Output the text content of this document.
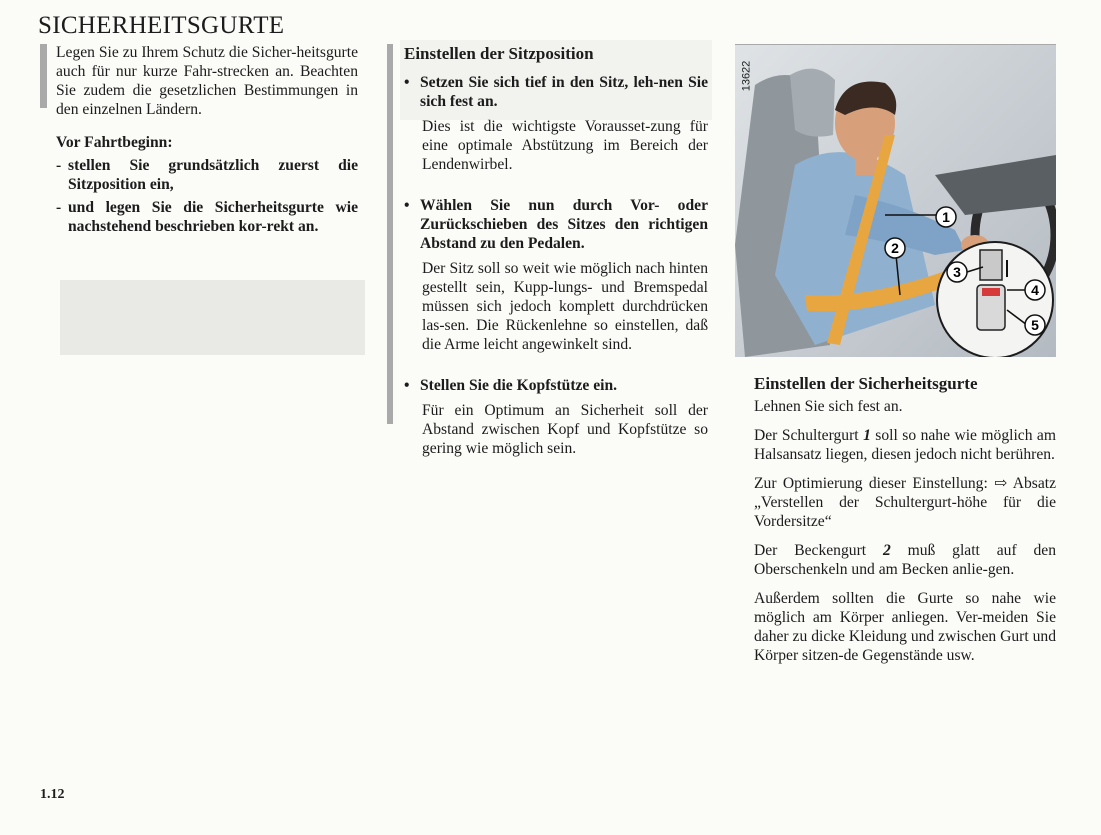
SICHERHEITSGURTE

Legen Sie zu Ihrem Schutz die Sicher-heitsgurte auch für nur kurze Fahr-strecken an. Beachten Sie zudem die gesetzlichen Bestimmungen in den einzelnen Ländern.

Vor Fahrtbeginn:

- stellen Sie grundsätzlich zuerst die Sitzposition ein,
- und legen Sie die Sicherheitsgurte wie nachstehend beschrieben kor-rekt an.

Einstellen der Sitzposition

• Setzen Sie sich tief in den Sitz, leh-nen Sie sich fest an.

Dies ist die wichtigste Vorausset-zung für eine optimale Abstützung im Bereich der Lendenwirbel.

• Wählen Sie nun durch Vor- oder Zurückschieben des Sitzes den richtigen Abstand zu den Pedalen.

Der Sitz soll so weit wie möglich nach hinten gestellt sein, Kupp-lungs- und Bremspedal müssen sich jedoch komplett durchdrücken las-sen. Die Rückenlehne so einstellen, daß die Arme leicht angewinkelt sind.

• Stellen Sie die Kopfstütze ein.

Für ein Optimum an Sicherheit soll der Abstand zwischen Kopf und Kopfstütze so gering wie möglich sein.

1
2
3
4
5
13622

Einstellen der Sicherheitsgurte

Lehnen Sie sich fest an.

Der Schultergurt 1 soll so nahe wie möglich am Halsansatz liegen, diesen jedoch nicht berühren.

Zur Optimierung dieser Einstellung: ⇨ Absatz „Verstellen der Schultergurt-höhe für die Vordersitze“

Der Beckengurt 2 muß glatt auf den Oberschenkeln und am Becken anlie-gen.

Außerdem sollten die Gurte so nahe wie möglich am Körper anliegen. Ver-meiden Sie daher zu dicke Kleidung und zwischen Gurt und Körper sitzen-de Gegenstände usw.

1.12
